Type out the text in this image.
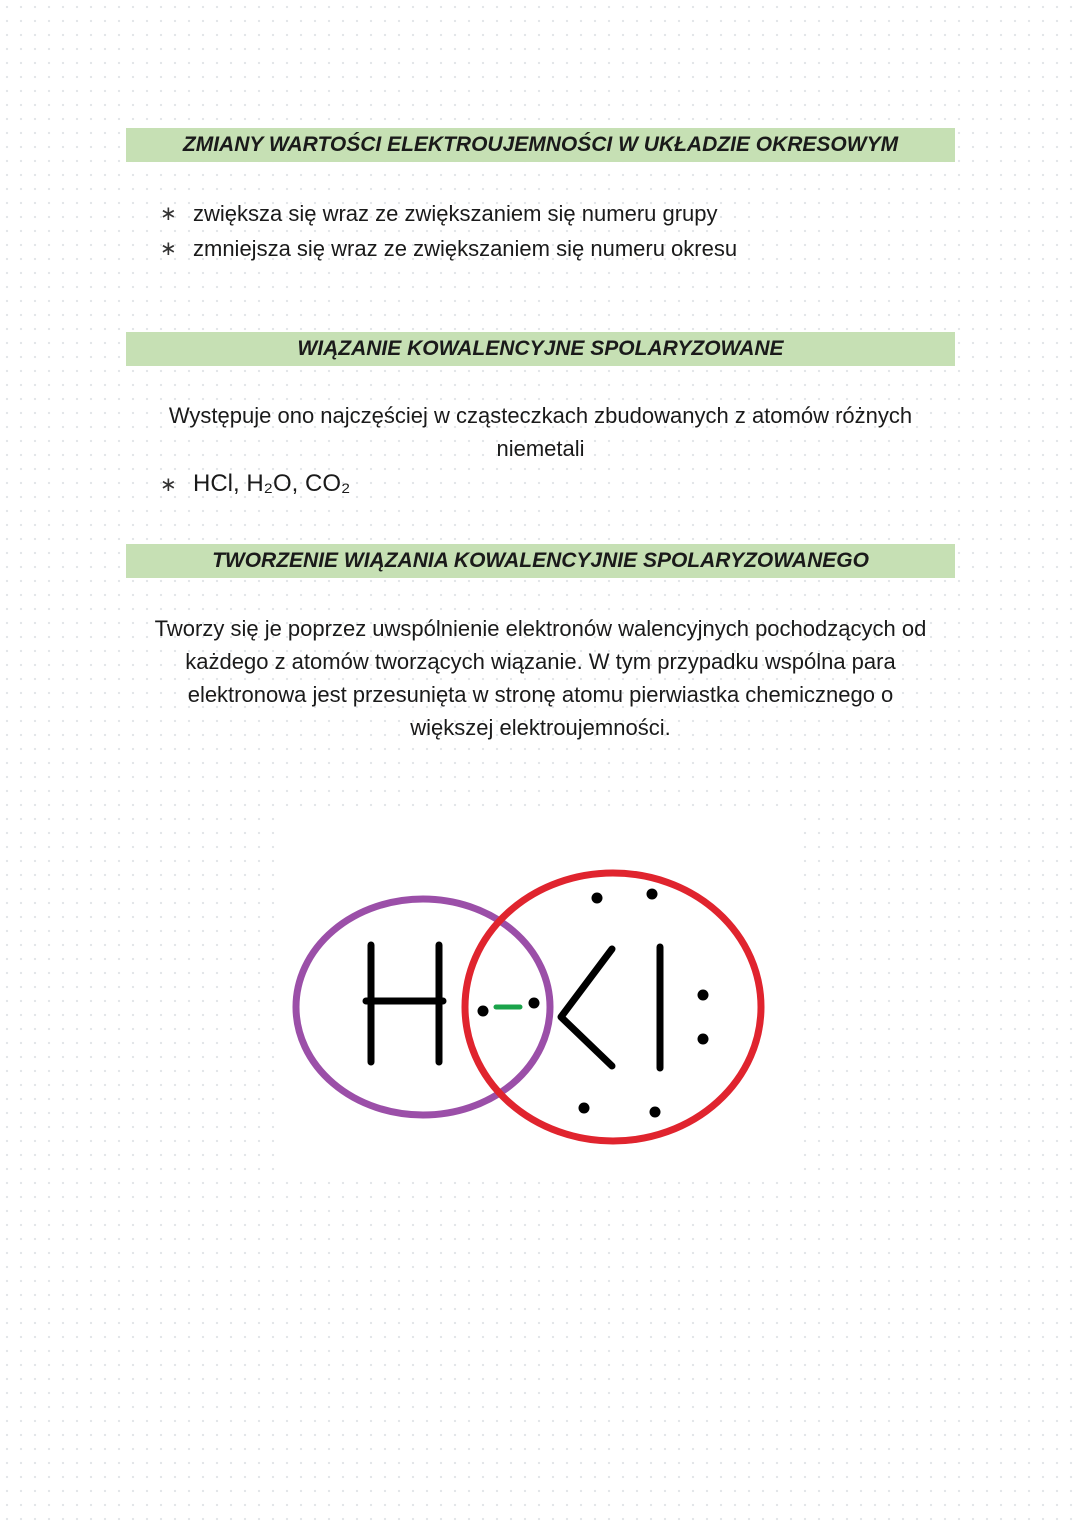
ZMIANY WARTOŚCI ELEKTROUJEMNOŚCI W UKŁADZIE OKRESOWYM
∗ zwiększa się wraz ze zwiększaniem się numeru grupy
∗ zmniejsza się wraz ze zwiększaniem się numeru okresu
WIĄZANIE KOWALENCYJNE SPOLARYZOWANE
Występuje ono najczęściej w cząsteczkach zbudowanych z atomów różnych
niemetali
∗ HCl, H₂O, CO₂
TWORZENIE WIĄZANIA KOWALENCYJNIE SPOLARYZOWANEGO
Tworzy się je poprzez uwspólnienie elektronów walencyjnych pochodzących od
każdego z atomów tworzących wiązanie. W tym przypadku wspólna para
elektronowa jest przesunięta w stronę atomu pierwiastka chemicznego o
większej elektroujemności.
